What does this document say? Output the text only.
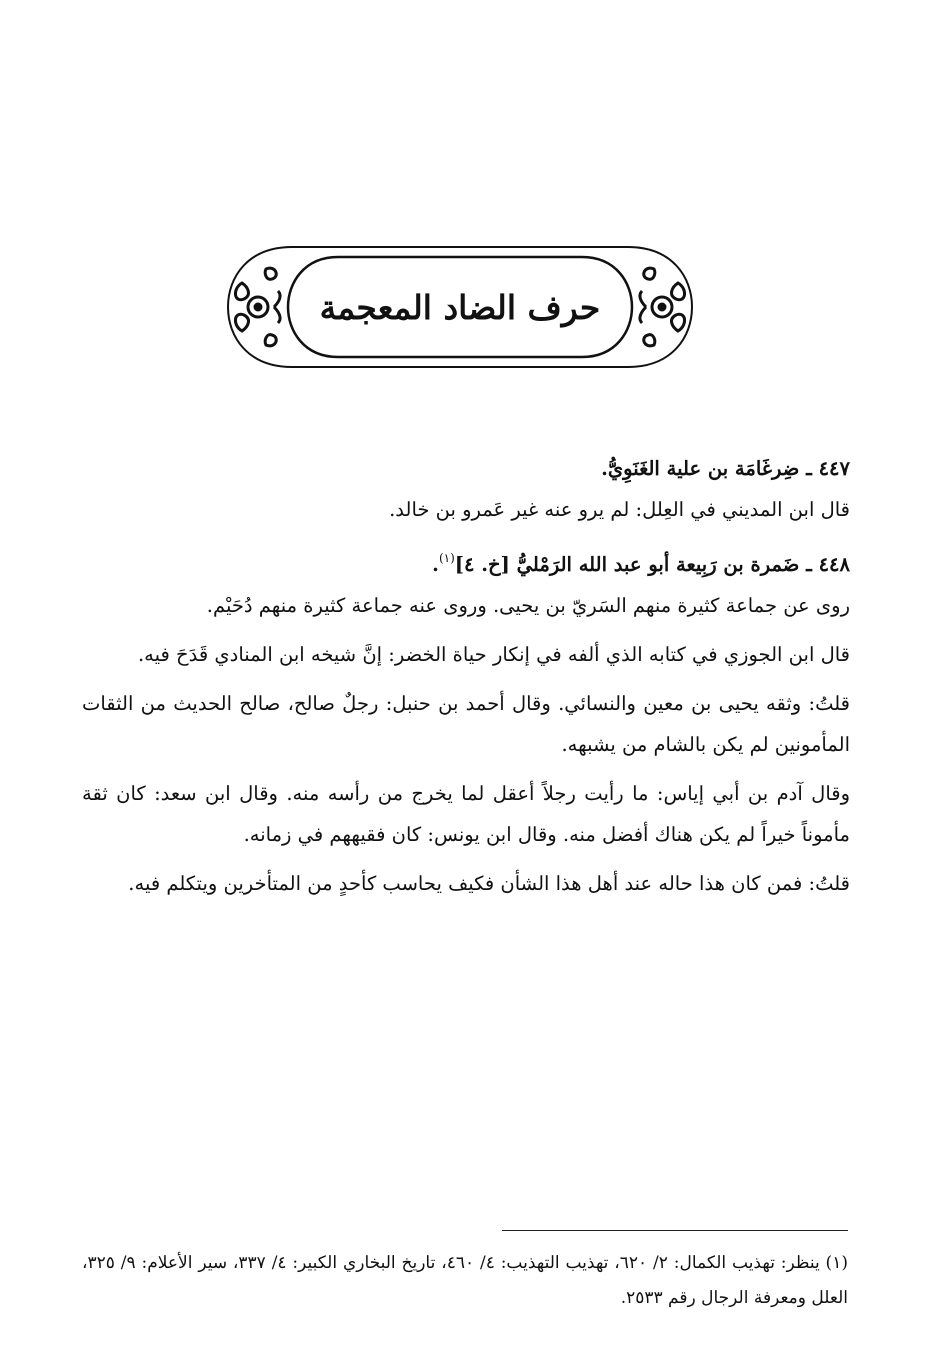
حرف الضاد المعجمة

٤٤٧ ـ ضِرغَامَة بن علية الغَنَوِيُّ.

قال ابن المديني في العِلل: لم يرو عنه غير عَمرو بن خالد.

٤٤٨ ـ ضَمرة بن رَبِيعة أبو عبد الله الرَمْليُّ [خ. ٤]$^{(١)}$.

روى عن جماعة كثيرة منهم السَريّ بن يحيى. وروى عنه جماعة كثيرة منهم دُحَيْم.

قال ابن الجوزي في كتابه الذي ألفه في إنكار حياة الخضر: إنَّ شيخه ابن المنادي قَدَحَ فيه.

قلتُ: وثقه يحيى بن معين والنسائي. وقال أحمد بن حنبل: رجلٌ صالح، صالح الحديث من الثقات المأمونين لم يكن بالشام من يشبهه.

وقال آدم بن أبي إياس: ما رأيت رجلاً أعقل لما يخرج من رأسه منه. وقال ابن سعد: كان ثقة مأموناً خيراً لم يكن هناك أفضل منه. وقال ابن يونس: كان فقيههم في زمانه.

قلتُ: فمن كان هذا حاله عند أهل هذا الشأن فكيف يحاسب كأحدٍ من المتأخرين ويتكلم فيه.

(١) ينظر: تهذيب الكمال: ٢/ ٦٢٠، تهذيب التهذيب: ٤/ ٤٦٠، تاريخ البخاري الكبير: ٤/ ٣٣٧، سير الأعلام: ٩/ ٣٢٥، العلل ومعرفة الرجال رقم ٢٥٣٣.
